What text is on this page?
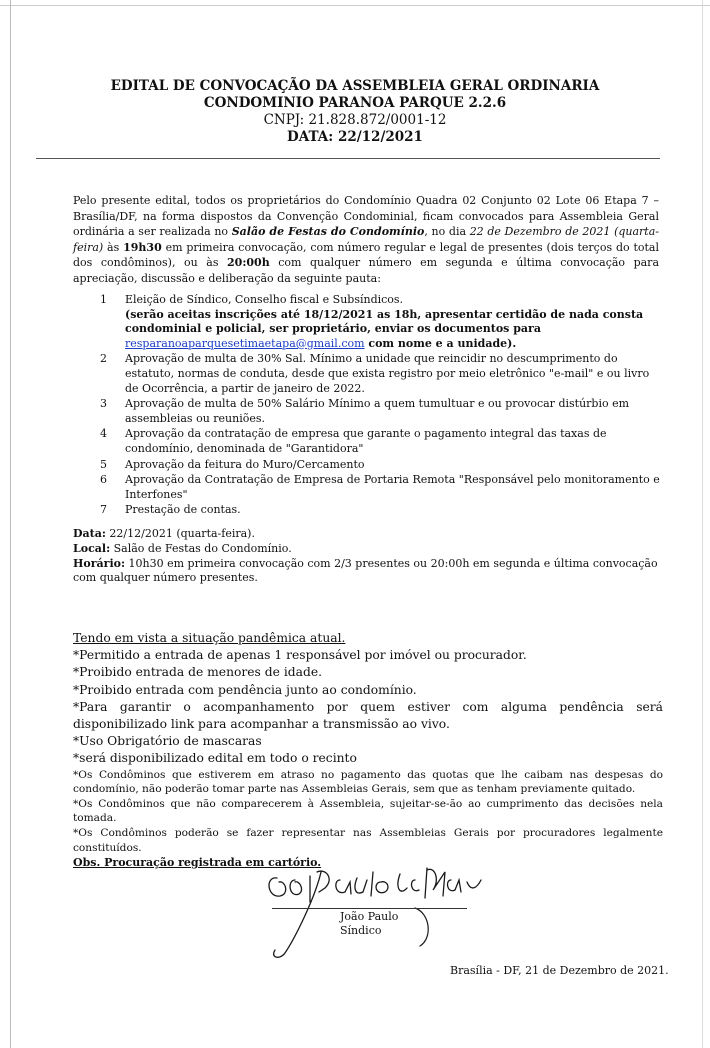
EDITAL DE CONVOCAÇÃO DA ASSEMBLEIA GERAL ORDINARIA
CONDOMINIO PARANOA PARQUE 2.2.6
CNPJ: 21.828.872/0001-12
DATA: 22/12/2021
Pelo presente edital, todos os proprietários do Condomínio Quadra 02 Conjunto 02 Lote 06 Etapa 7 – Brasília/DF, na forma dispostos da Convenção Condominial, ficam convocados para Assembleia Geral ordinária a ser realizada no Salão de Festas do Condomínio, no dia 22 de Dezembro de 2021 (quarta-feira) às 19h30 em primeira convocação, com número regular e legal de presentes (dois terços do total dos condôminos), ou às 20:00h com qualquer número em segunda e última convocação para apreciação, discussão e deliberação da seguinte pauta:
1	Eleição de Síndico, Conselho fiscal e Subsíndicos.
(serão aceitas inscrições até 18/12/2021 as 18h, apresentar certidão de nada consta condominial e policial, ser proprietário, enviar os documentos para resparanoaparquesetimaetapa@gmail.com com nome e a unidade).
2	Aprovação de multa de 30% Sal. Mínimo a unidade que reincidir no descumprimento do estatuto, normas de conduta, desde que exista registro por meio eletrônico "e-mail" e ou livro de Ocorrência, a partir de janeiro de 2022.
3	Aprovação de multa de 50% Salário Mínimo a quem tumultuar e ou provocar distúrbio em assembleias ou reuniões.
4	Aprovação da contratação de empresa que garante o pagamento integral das taxas de condomínio, denominada de "Garantidora"
5	Aprovação da feitura do Muro/Cercamento
6	Aprovação da Contratação de Empresa de Portaria Remota "Responsável pelo monitoramento e Interfones"
7	Prestação de contas.
Data: 22/12/2021 (quarta-feira).
Local: Salão de Festas do Condomínio.
Horário: 10h30 em primeira convocação com 2/3 presentes ou 20:00h em segunda e última convocação com qualquer número presentes.
Tendo em vista a situação pandêmica atual.
*Permitido a entrada de apenas 1 responsável por imóvel ou procurador.
*Proibido entrada de menores de idade.
*Proibido entrada com pendência junto ao condomínio.
*Para garantir o acompanhamento por quem estiver com alguma pendência será disponibilizado link para acompanhar a transmissão ao vivo.
*Uso Obrigatório de mascaras
*será disponibilizado edital em todo o recinto
*Os Condôminos que estiverem em atraso no pagamento das quotas que lhe caibam nas despesas do condomínio, não poderão tomar parte nas Assembleias Gerais, sem que as tenham previamente quitado.
*Os Condôminos que não comparecerem à Assembleia, sujeitar-se-ão ao cumprimento das decisões nela tomada.
*Os Condôminos poderão se fazer representar nas Assembleias Gerais por procuradores legalmente constituídos.
Obs. Procuração registrada em cartório.
João Paulo
Síndico
Brasília - DF, 21 de Dezembro de 2021.
